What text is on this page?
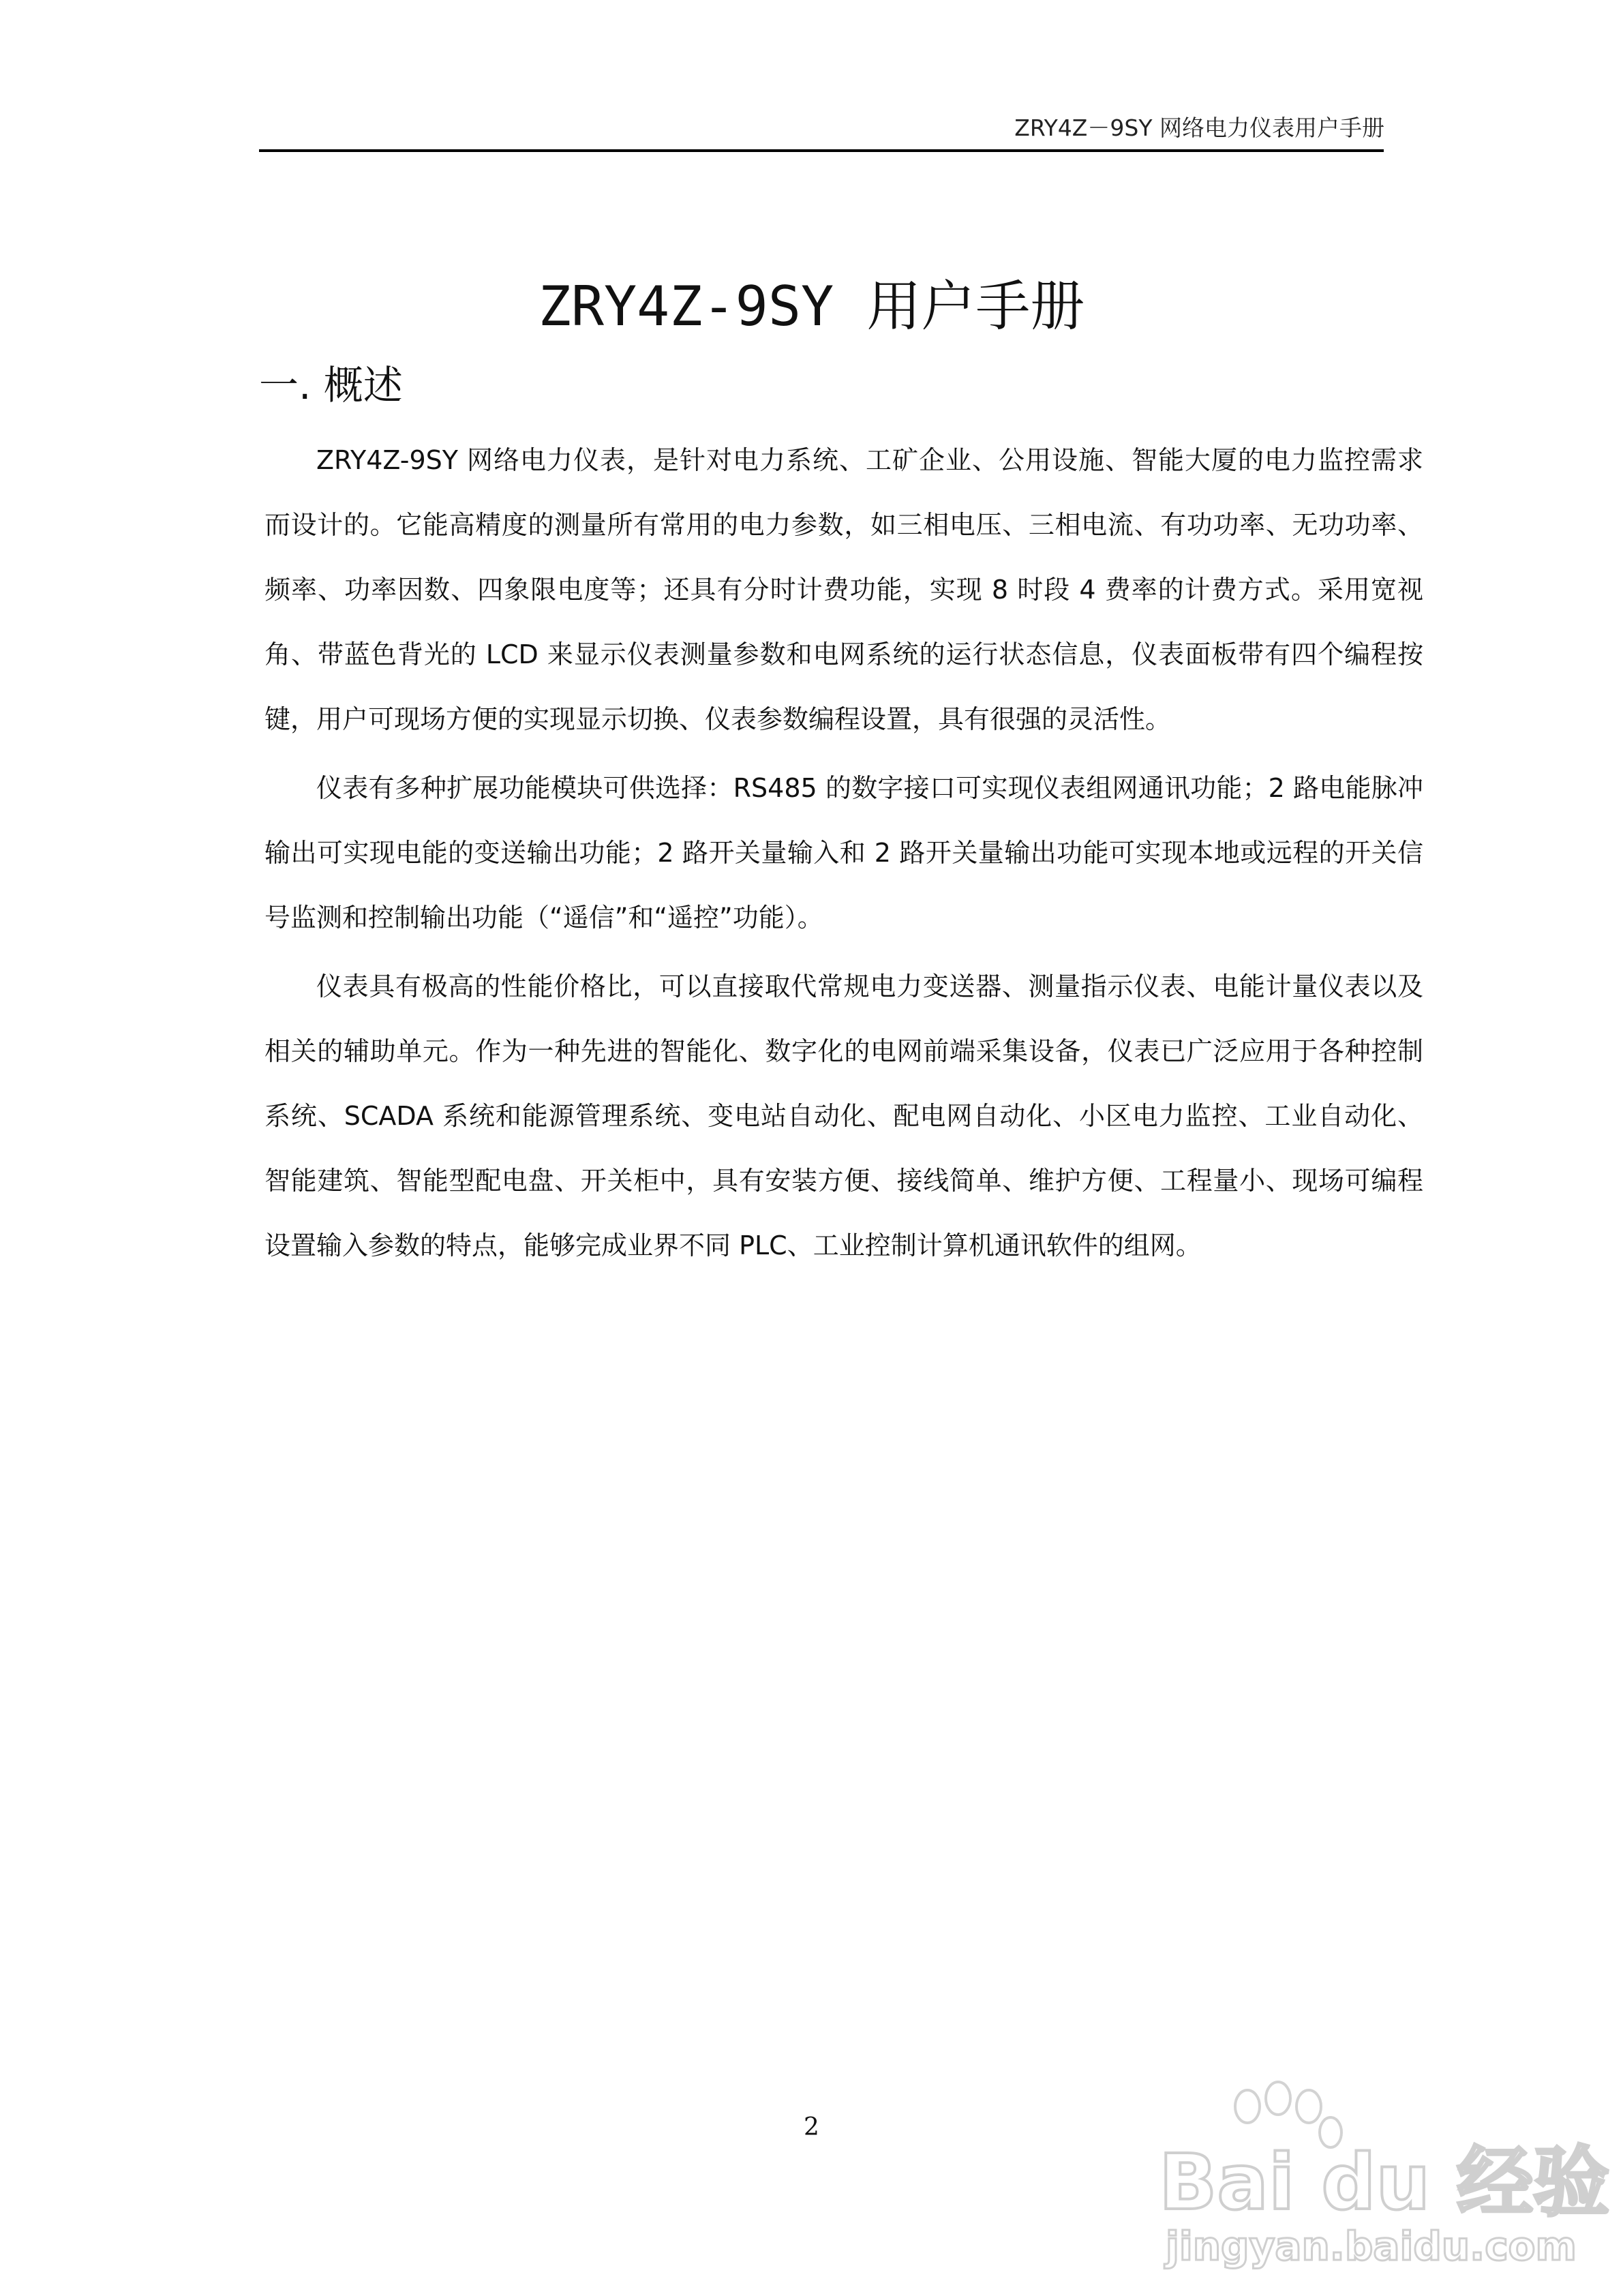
ZRY4Z－9SY 网络电力仪表用户手册
ZRY4Z-9SY 用户手册
一. 概述

ZRY4Z-9SY 网络电力仪表，是针对电力系统、工矿企业、公用设施、智能大厦的电力监控需求而设计的。它能高精度的测量所有常用的电力参数，如三相电压、三相电流、有功功率、无功功率、频率、功率因数、四象限电度等；还具有分时计费功能，实现 8 时段 4 费率的计费方式。采用宽视角、带蓝色背光的 LCD 来显示仪表测量参数和电网系统的运行状态信息，仪表面板带有四个编程按键，用户可现场方便的实现显示切换、仪表参数编程设置，具有很强的灵活性。

仪表有多种扩展功能模块可供选择：RS485 的数字接口可实现仪表组网通讯功能；2 路电能脉冲输出可实现电能的变送输出功能；2 路开关量输入和 2 路开关量输出功能可实现本地或远程的开关信号监测和控制输出功能（“遥信”和“遥控”功能）。

仪表具有极高的性能价格比，可以直接取代常规电力变送器、测量指示仪表、电能计量仪表以及相关的辅助单元。作为一种先进的智能化、数字化的电网前端采集设备，仪表已广泛应用于各种控制系统、SCADA 系统和能源管理系统、变电站自动化、配电网自动化、小区电力监控、工业自动化、智能建筑、智能型配电盘、开关柜中，具有安装方便、接线简单、维护方便、工程量小、现场可编程设置输入参数的特点，能够完成业界不同 PLC、工业控制计算机通讯软件的组网。

2
Bai du 经验
jingyan.baidu.com
